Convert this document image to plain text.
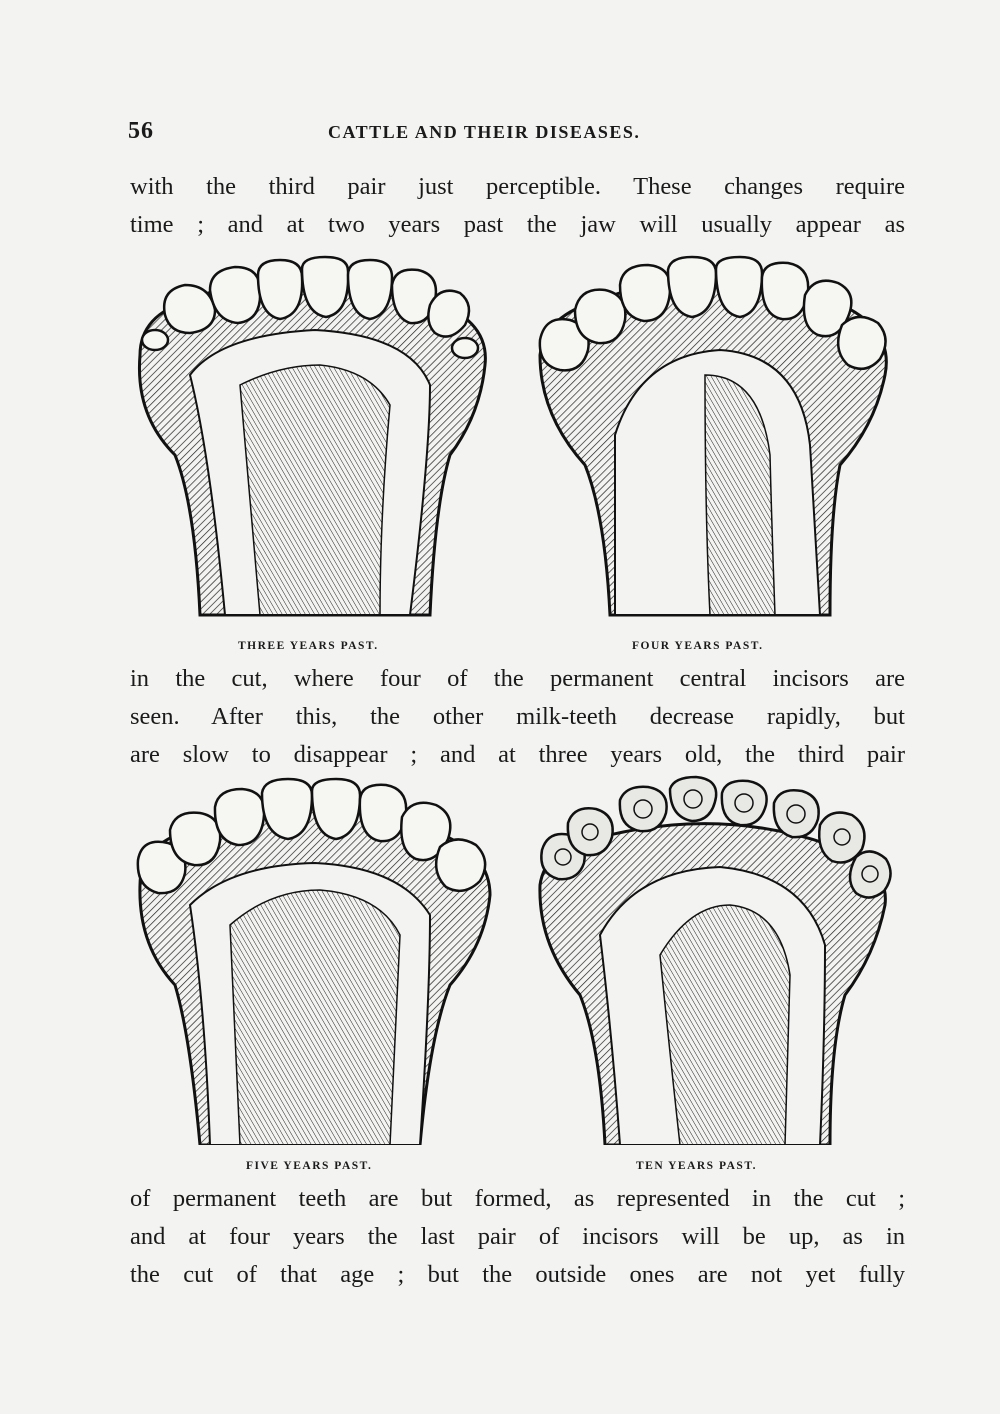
56	CATTLE AND THEIR DISEASES.
with the third pair just perceptible. These changes require
time ; and at two years past the jaw will usually appear as
THREE YEARS PAST.	FOUR YEARS PAST.
in the cut, where four of the permanent central incisors are
seen. After this, the other milk-teeth decrease rapidly, but
are slow to disappear ; and at three years old, the third pair
FIVE YEARS PAST.	TEN YEARS PAST.
of permanent teeth are but formed, as represented in the cut ;
and at four years the last pair of incisors will be up, as in
the cut of that age ; but the outside ones are not yet fully
